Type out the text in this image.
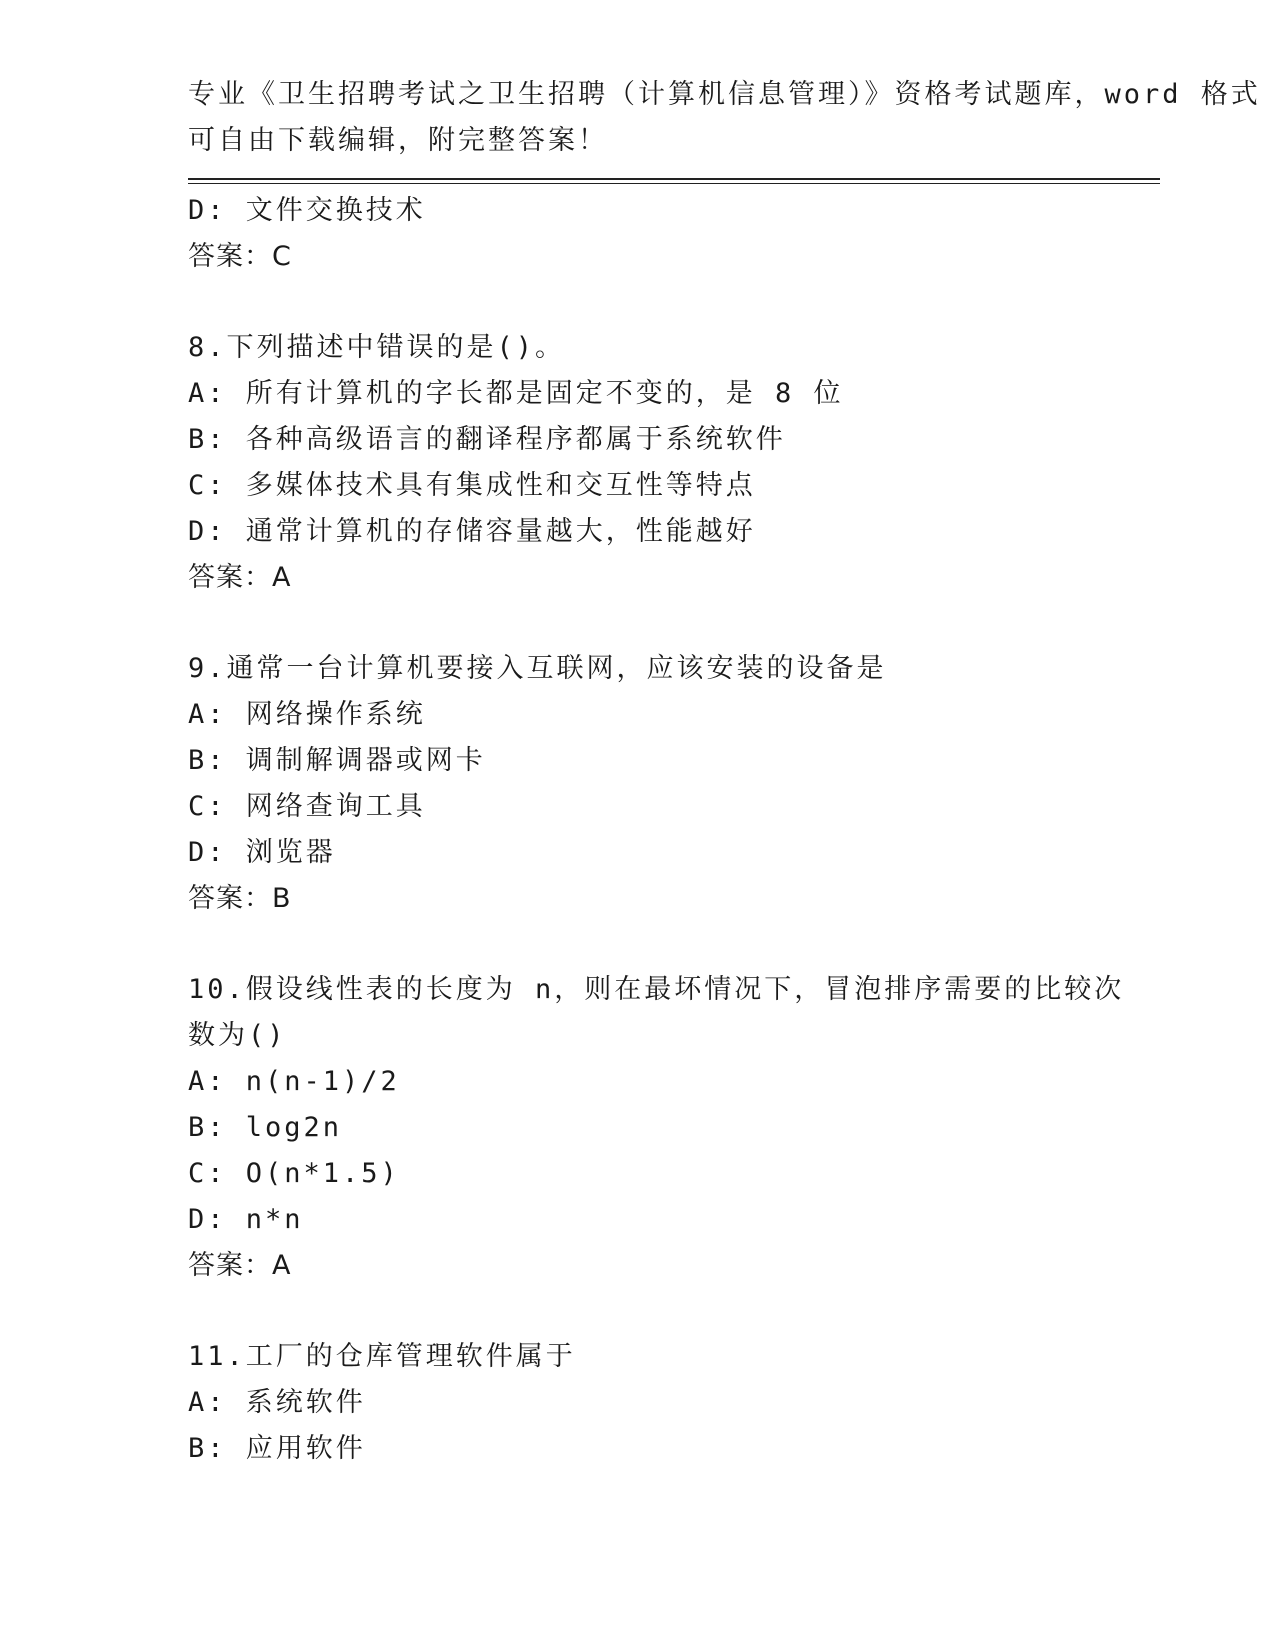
专业《卫生招聘考试之卫生招聘（计算机信息管理）》资格考试题库，word 格式
可自由下载编辑，附完整答案！
D: 文件交换技术
答案：C
8.下列描述中错误的是()。
A: 所有计算机的字长都是固定不变的，是 8 位
B: 各种高级语言的翻译程序都属于系统软件
C: 多媒体技术具有集成性和交互性等特点
D: 通常计算机的存储容量越大，性能越好
答案：A
9.通常一台计算机要接入互联网，应该安装的设备是
A: 网络操作系统
B: 调制解调器或网卡
C: 网络查询工具
D: 浏览器
答案：B
10.假设线性表的长度为 n，则在最坏情况下，冒泡排序需要的比较次
数为()
A: n(n-1)/2
B: log2n
C: O(n*1.5)
D: n*n
答案：A
11.工厂的仓库管理软件属于
A: 系统软件
B: 应用软件
